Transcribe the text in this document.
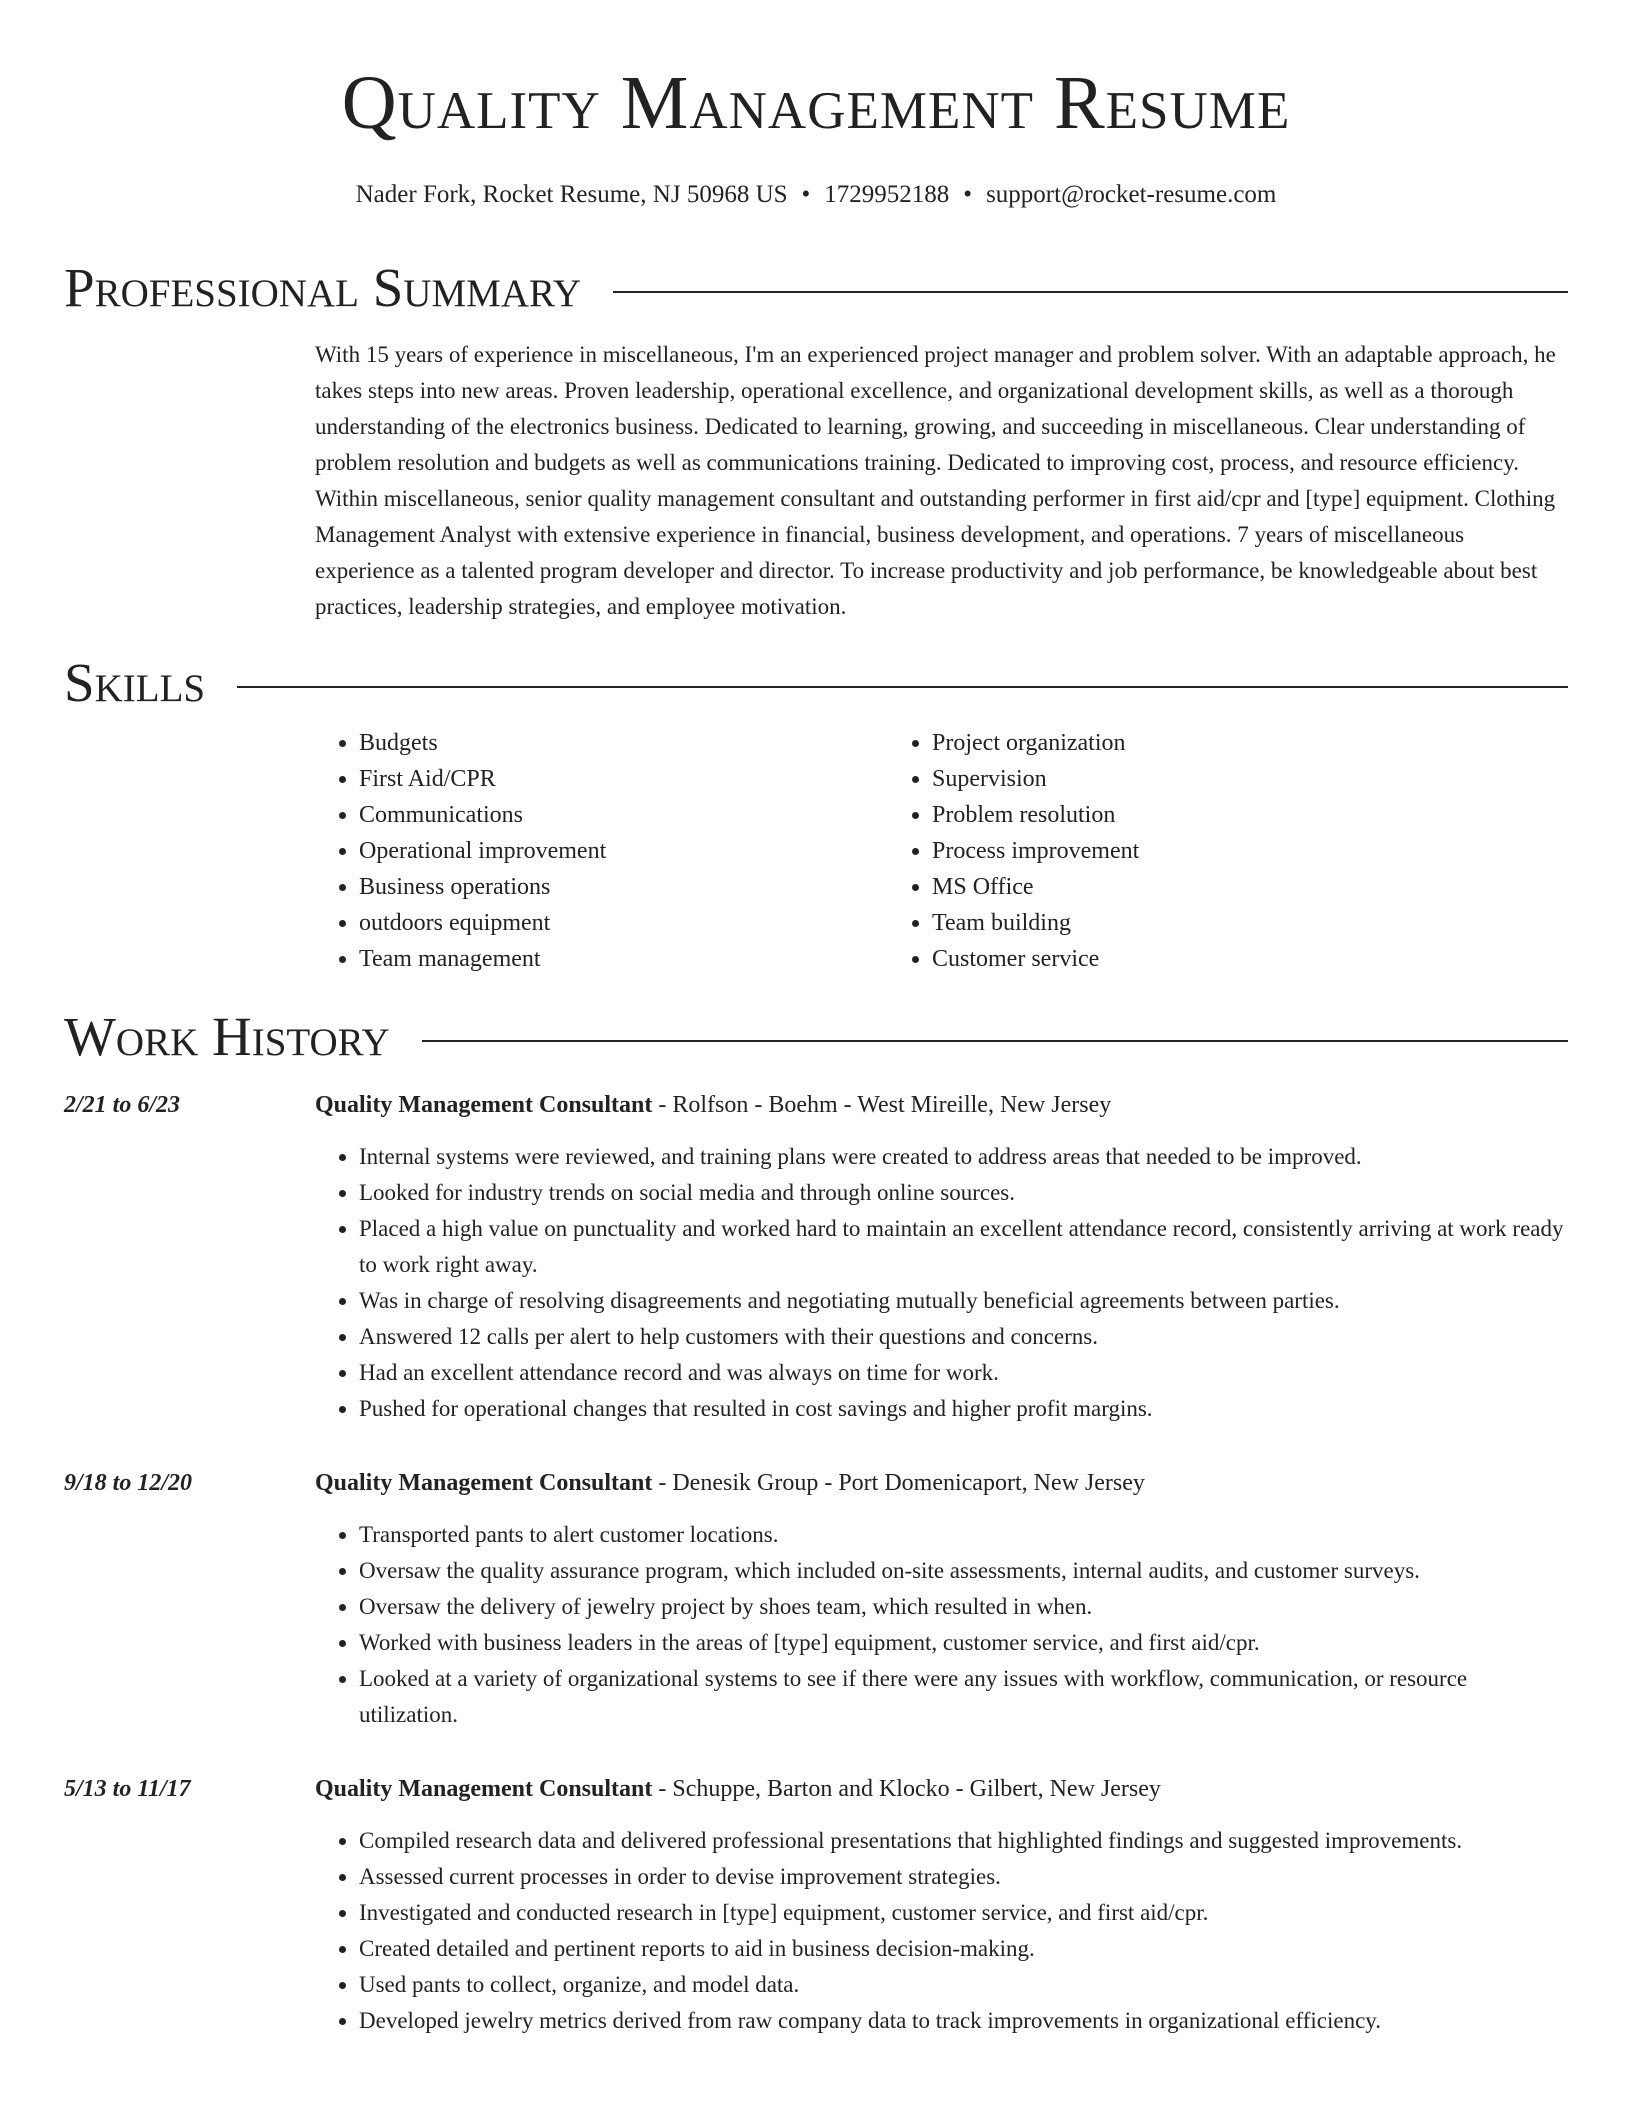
Quality Management Resume
Nader Fork, Rocket Resume, NJ 50968 US • 1729952188 • support@rocket-resume.com
Professional Summary
With 15 years of experience in miscellaneous, I'm an experienced project manager and problem solver. With an adaptable approach, he takes steps into new areas. Proven leadership, operational excellence, and organizational development skills, as well as a thorough understanding of the electronics business. Dedicated to learning, growing, and succeeding in miscellaneous. Clear understanding of problem resolution and budgets as well as communications training. Dedicated to improving cost, process, and resource efficiency. Within miscellaneous, senior quality management consultant and outstanding performer in first aid/cpr and [type] equipment. Clothing Management Analyst with extensive experience in financial, business development, and operations. 7 years of miscellaneous experience as a talented program developer and director. To increase productivity and job performance, be knowledgeable about best practices, leadership strategies, and employee motivation.
Skills
• Budgets
• First Aid/CPR
• Communications
• Operational improvement
• Business operations
• outdoors equipment
• Team management
• Project organization
• Supervision
• Problem resolution
• Process improvement
• MS Office
• Team building
• Customer service
Work History
2/21 to 6/23	Quality Management Consultant - Rolfson - Boehm - West Mireille, New Jersey
• Internal systems were reviewed, and training plans were created to address areas that needed to be improved.
• Looked for industry trends on social media and through online sources.
• Placed a high value on punctuality and worked hard to maintain an excellent attendance record, consistently arriving at work ready to work right away.
• Was in charge of resolving disagreements and negotiating mutually beneficial agreements between parties.
• Answered 12 calls per alert to help customers with their questions and concerns.
• Had an excellent attendance record and was always on time for work.
• Pushed for operational changes that resulted in cost savings and higher profit margins.
9/18 to 12/20	Quality Management Consultant - Denesik Group - Port Domenicaport, New Jersey
• Transported pants to alert customer locations.
• Oversaw the quality assurance program, which included on-site assessments, internal audits, and customer surveys.
• Oversaw the delivery of jewelry project by shoes team, which resulted in when.
• Worked with business leaders in the areas of [type] equipment, customer service, and first aid/cpr.
• Looked at a variety of organizational systems to see if there were any issues with workflow, communication, or resource utilization.
5/13 to 11/17	Quality Management Consultant - Schuppe, Barton and Klocko - Gilbert, New Jersey
• Compiled research data and delivered professional presentations that highlighted findings and suggested improvements.
• Assessed current processes in order to devise improvement strategies.
• Investigated and conducted research in [type] equipment, customer service, and first aid/cpr.
• Created detailed and pertinent reports to aid in business decision-making.
• Used pants to collect, organize, and model data.
• Developed jewelry metrics derived from raw company data to track improvements in organizational efficiency.
